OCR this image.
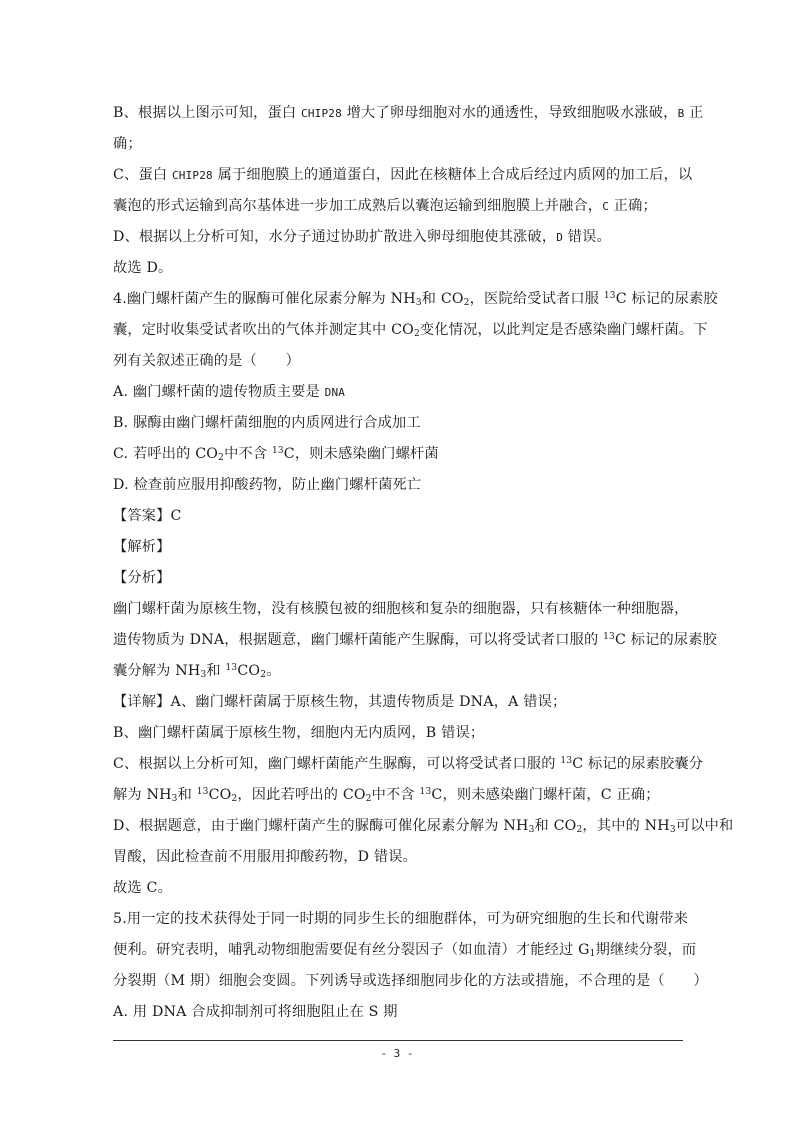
B、根据以上图示可知，蛋白 CHIP28 增大了卵母细胞对水的通透性，导致细胞吸水涨破，B 正
确；
C、蛋白 CHIP28 属于细胞膜上的通道蛋白，因此在核糖体上合成后经过内质网的加工后，以
囊泡的形式运输到高尔基体进一步加工成熟后以囊泡运输到细胞膜上并融合，C 正确；
D、根据以上分析可知，水分子通过协助扩散进入卵母细胞使其涨破，D 错误。
故选 D。
4.幽门螺杆菌产生的脲酶可催化尿素分解为 $NH_3$和 $CO_2$，医院给受试者口服 $^{13}$C 标记的尿素胶
囊，定时收集受试者吹出的气体并测定其中 $CO_2$变化情况，以此判定是否感染幽门螺杆菌。下
列有关叙述正确的是（　　）
A. 幽门螺杆菌的遗传物质主要是 DNA
B. 脲酶由幽门螺杆菌细胞的内质网进行合成加工
C. 若呼出的 $CO_2$中不含 $^{13}$C，则未感染幽门螺杆菌
D. 检查前应服用抑酸药物，防止幽门螺杆菌死亡
【答案】C
【解析】
【分析】
幽门螺杆菌为原核生物，没有核膜包被的细胞核和复杂的细胞器，只有核糖体一种细胞器，
遗传物质为 DNA，根据题意，幽门螺杆菌能产生脲酶，可以将受试者口服的 $^{13}$C 标记的尿素胶
囊分解为 $NH_3$和 $^{13}CO_2$。
【详解】A、幽门螺杆菌属于原核生物，其遗传物质是 DNA，A 错误；
B、幽门螺杆菌属于原核生物，细胞内无内质网，B 错误；
C、根据以上分析可知，幽门螺杆菌能产生脲酶，可以将受试者口服的 $^{13}$C 标记的尿素胶囊分
解为 $NH_3$和 $^{13}CO_2$，因此若呼出的 $CO_2$中不含 $^{13}$C，则未感染幽门螺杆菌，C 正确；
D、根据题意，由于幽门螺杆菌产生的脲酶可催化尿素分解为 $NH_3$和 $CO_2$，其中的 $NH_3$可以中和
胃酸，因此检查前不用服用抑酸药物，D 错误。
故选 C。
5.用一定的技术获得处于同一时期的同步生长的细胞群体，可为研究细胞的生长和代谢带来
便利。研究表明，哺乳动物细胞需要促有丝分裂因子（如血清）才能经过 $G_1$期继续分裂，而
分裂期（M 期）细胞会变圆。下列诱导或选择细胞同步化的方法或措施，不合理的是（　　）
A. 用 DNA 合成抑制剂可将细胞阻止在 S 期
- 3 -
